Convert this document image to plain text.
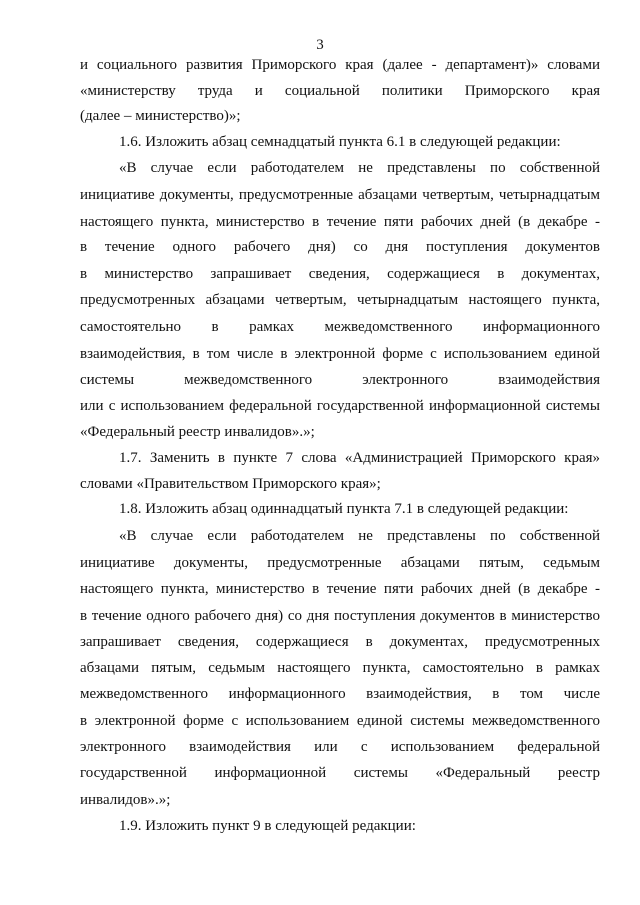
3
и социального развития Приморского края (далее - департамент)» словами
«министерству труда и социальной политики Приморского края
(далее – министерство)»;
1.6. Изложить абзац семнадцатый пункта 6.1 в следующей редакции:
«В случае если работодателем не представлены по собственной
инициативе документы, предусмотренные абзацами четвертым, четырнадцатым
настоящего пункта, министерство в течение пяти рабочих дней (в декабре -
в течение одного рабочего дня) со дня поступления документов
в министерство запрашивает сведения, содержащиеся в документах,
предусмотренных абзацами четвертым, четырнадцатым настоящего пункта,
самостоятельно в рамках межведомственного информационного
взаимодействия, в том числе в электронной форме с использованием единой
системы межведомственного электронного взаимодействия
или с использованием федеральной государственной информационной системы
«Федеральный реестр инвалидов».»;
1.7. Заменить в пункте 7 слова «Администрацией Приморского края»
словами «Правительством Приморского края»;
1.8. Изложить абзац одиннадцатый пункта 7.1 в следующей редакции:
«В случае если работодателем не представлены по собственной
инициативе документы, предусмотренные абзацами пятым, седьмым
настоящего пункта, министерство в течение пяти рабочих дней (в декабре -
в течение одного рабочего дня) со дня поступления документов в министерство
запрашивает сведения, содержащиеся в документах, предусмотренных
абзацами пятым, седьмым настоящего пункта, самостоятельно в рамках
межведомственного информационного взаимодействия, в том числе
в электронной форме с использованием единой системы межведомственного
электронного взаимодействия или с использованием федеральной
государственной информационной системы «Федеральный реестр
инвалидов».»;
1.9. Изложить пункт 9 в следующей редакции:
